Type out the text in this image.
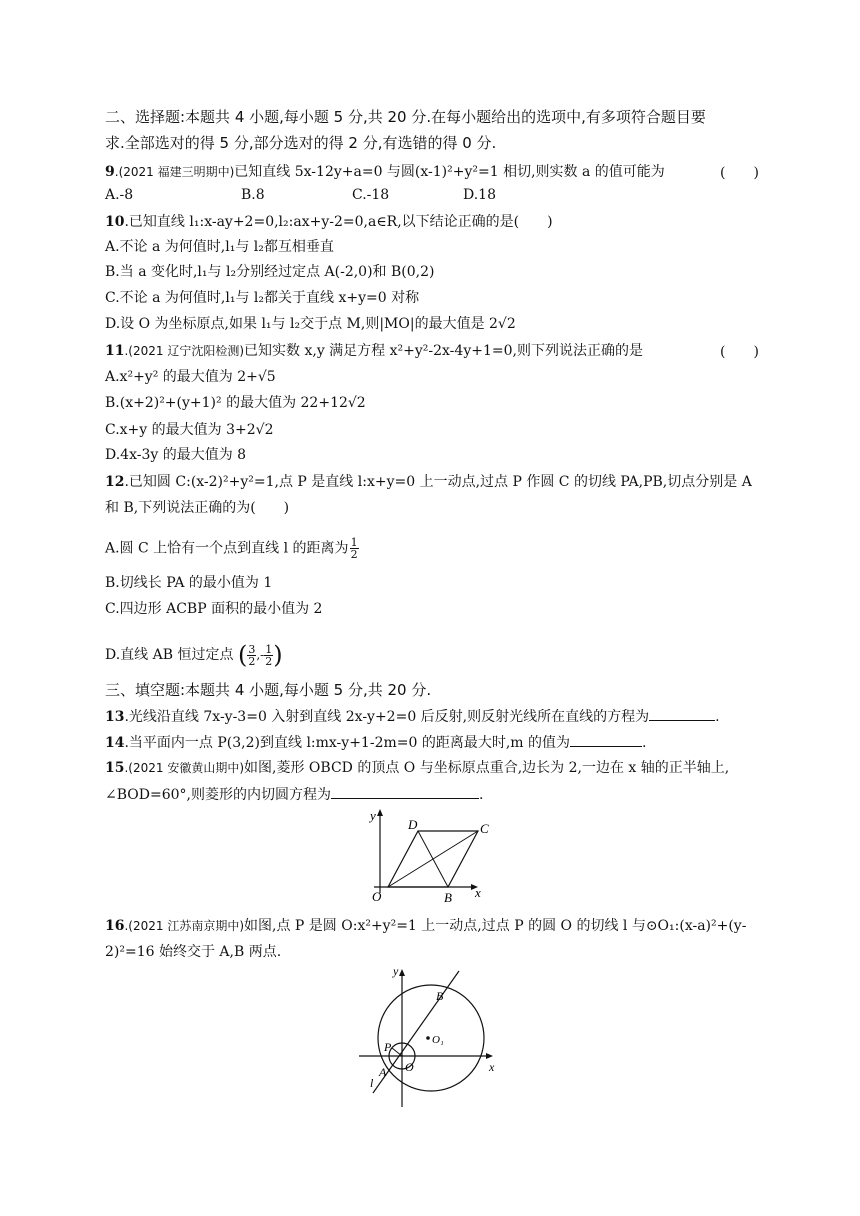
二、选择题:本题共 4 小题,每小题 5 分,共 20 分.在每小题给出的选项中,有多项符合题目要
求.全部选对的得 5 分,部分选对的得 2 分,有选错的得 0 分.
9.(2021 福建三明期中)已知直线 5x-12y+a=0 与圆(x-1)²+y²=1 相切,则实数 a 的值可能为	(　　)
A.-8	B.8	C.-18	D.18
10.已知直线 l₁:x-ay+2=0,l₂:ax+y-2=0,a∈R,以下结论正确的是(　　)
A.不论 a 为何值时,l₁与 l₂都互相垂直
B.当 a 变化时,l₁与 l₂分别经过定点 A(-2,0)和 B(0,2)
C.不论 a 为何值时,l₁与 l₂都关于直线 x+y=0 对称
D.设 O 为坐标原点,如果 l₁与 l₂交于点 M,则|MO|的最大值是 2√2
11.(2021 辽宁沈阳检测)已知实数 x,y 满足方程 x²+y²-2x-4y+1=0,则下列说法正确的是	(　　)
A.x²+y² 的最大值为 2+√5
B.(x+2)²+(y+1)² 的最大值为 22+12√2
C.x+y 的最大值为 3+2√2
D.4x-3y 的最大值为 8
12.已知圆 C:(x-2)²+y²=1,点 P 是直线 l:x+y=0 上一动点,过点 P 作圆 C 的切线 PA,PB,切点分别是 A
和 B,下列说法正确的为(　　)
A.圆 C 上恰有一个点到直线 l 的距离为 $\frac{1}{2}$
B.切线长 PA 的最小值为 1
C.四边形 ACBP 面积的最小值为 2
D.直线 AB 恒过定点 ( $\frac{3}{2}$ ,- $\frac{1}{2}$ )
三、填空题:本题共 4 小题,每小题 5 分,共 20 分.
13.光线沿直线 7x-y-3=0 入射到直线 2x-y+2=0 后反射,则反射光线所在直线的方程为	.
14.当平面内一点 P(3,2)到直线 l:mx-y+1-2m=0 的距离最大时,m 的值为	.
15.(2021 安徽黄山期中)如图,菱形 OBCD 的顶点 O 与坐标原点重合,边长为 2,一边在 x 轴的正半轴上,
∠BOD=60°,则菱形的内切圆方程为	.
y
x
O	B
C
D
16.(2021 江苏南京期中)如图,点 P 是圆 O:x²+y²=1 上一动点,过点 P 的圆 O 的切线 l 与⊙O₁:(x-a)²+(y-
2)²=16 始终交于 A,B 两点.
l
y
x
O
O₁
P
A
B
